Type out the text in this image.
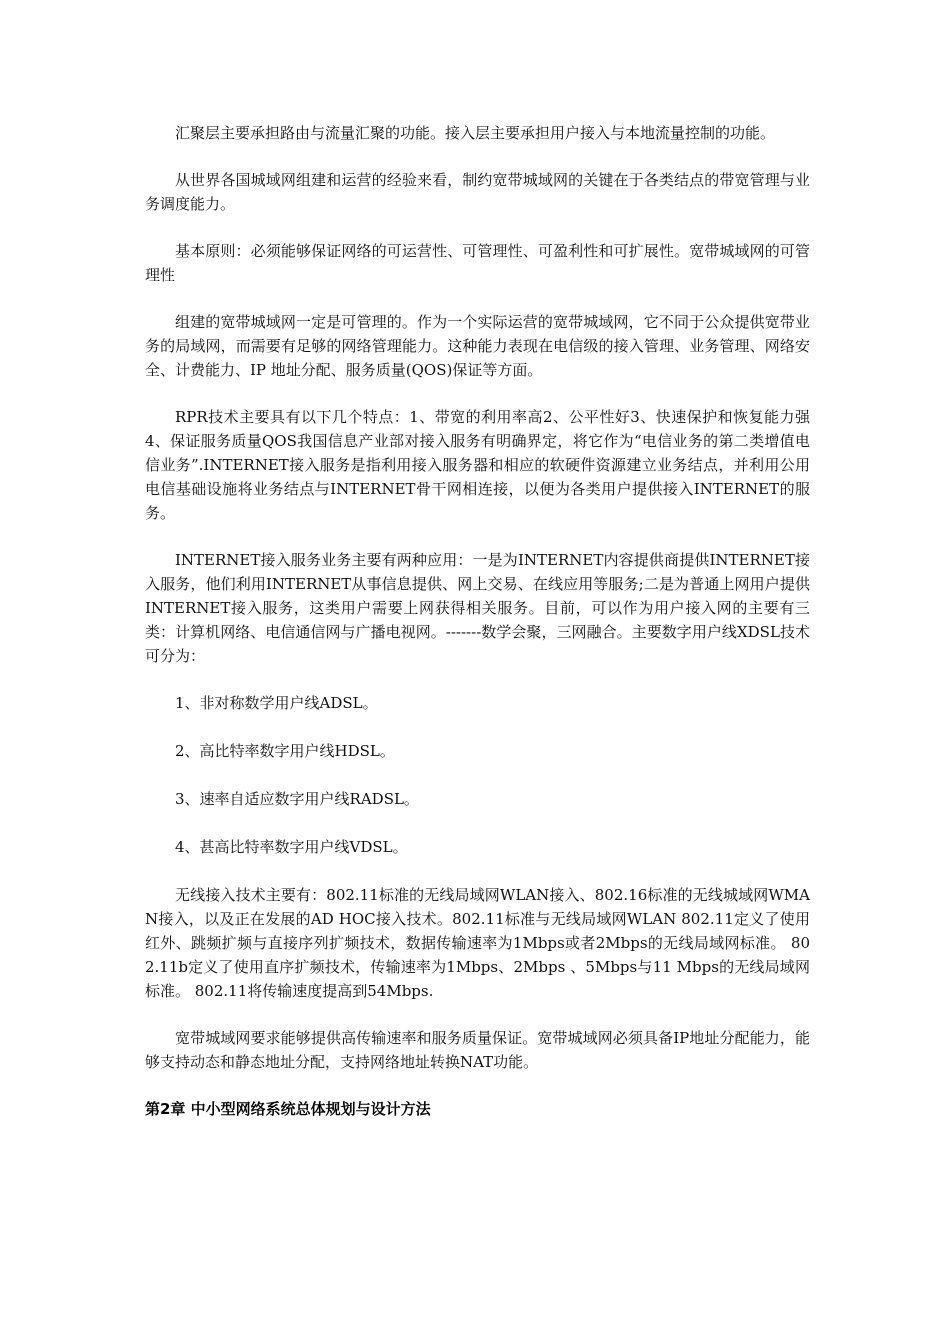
汇聚层主要承担路由与流量汇聚的功能。接入层主要承担用户接入与本地流量控制的功能。

从世界各国城域网组建和运营的经验来看，制约宽带城域网的关键在于各类结点的带宽管理与业务调度能力。

基本原则：必须能够保证网络的可运营性、可管理性、可盈利性和可扩展性。宽带城域网的可管理性

组建的宽带城域网一定是可管理的。作为一个实际运营的宽带城域网，它不同于公众提供宽带业务的局域网，而需要有足够的网络管理能力。这种能力表现在电信级的接入管理、业务管理、网络安全、计费能力、IP 地址分配、服务质量(QOS)保证等方面。

RPR技术主要具有以下几个特点：1、带宽的利用率高2、公平性好3、快速保护和恢复能力强4、保证服务质量QOS我国信息产业部对接入服务有明确界定，将它作为“电信业务的第二类增值电信业务”.INTERNET接入服务是指利用接入服务器和相应的软硬件资源建立业务结点，并利用公用电信基础设施将业务结点与INTERNET骨干网相连接，以便为各类用户提供接入INTERNET的服务。

INTERNET接入服务业务主要有两种应用：一是为INTERNET内容提供商提供INTERNET接入服务，他们利用INTERNET从事信息提供、网上交易、在线应用等服务;二是为普通上网用户提供INTERNET接入服务，这类用户需要上网获得相关服务。目前，可以作为用户接入网的主要有三类：计算机网络、电信通信网与广播电视网。-------数学会聚，三网融合。主要数字用户线XDSL技术可分为：

1、非对称数学用户线ADSL。

2、高比特率数字用户线HDSL。

3、速率自适应数字用户线RADSL。

4、甚高比特率数字用户线VDSL。

无线接入技术主要有：802.11标准的无线局域网WLAN接入、802.16标准的无线城域网WMAN接入，以及正在发展的AD HOC接入技术。802.11标准与无线局域网WLAN 802.11定义了使用红外、跳频扩频与直接序列扩频技术，数据传输速率为1Mbps或者2Mbps的无线局域网标准。 802.11b定义了使用直序扩频技术，传输速率为1Mbps、2Mbps 、5Mbps与11 Mbps的无线局域网标准。 802.11将传输速度提高到54Mbps.

宽带城域网要求能够提供高传输速率和服务质量保证。宽带城域网必须具备IP地址分配能力，能够支持动态和静态地址分配，支持网络地址转换NAT功能。

第2章 中小型网络系统总体规划与设计方法
